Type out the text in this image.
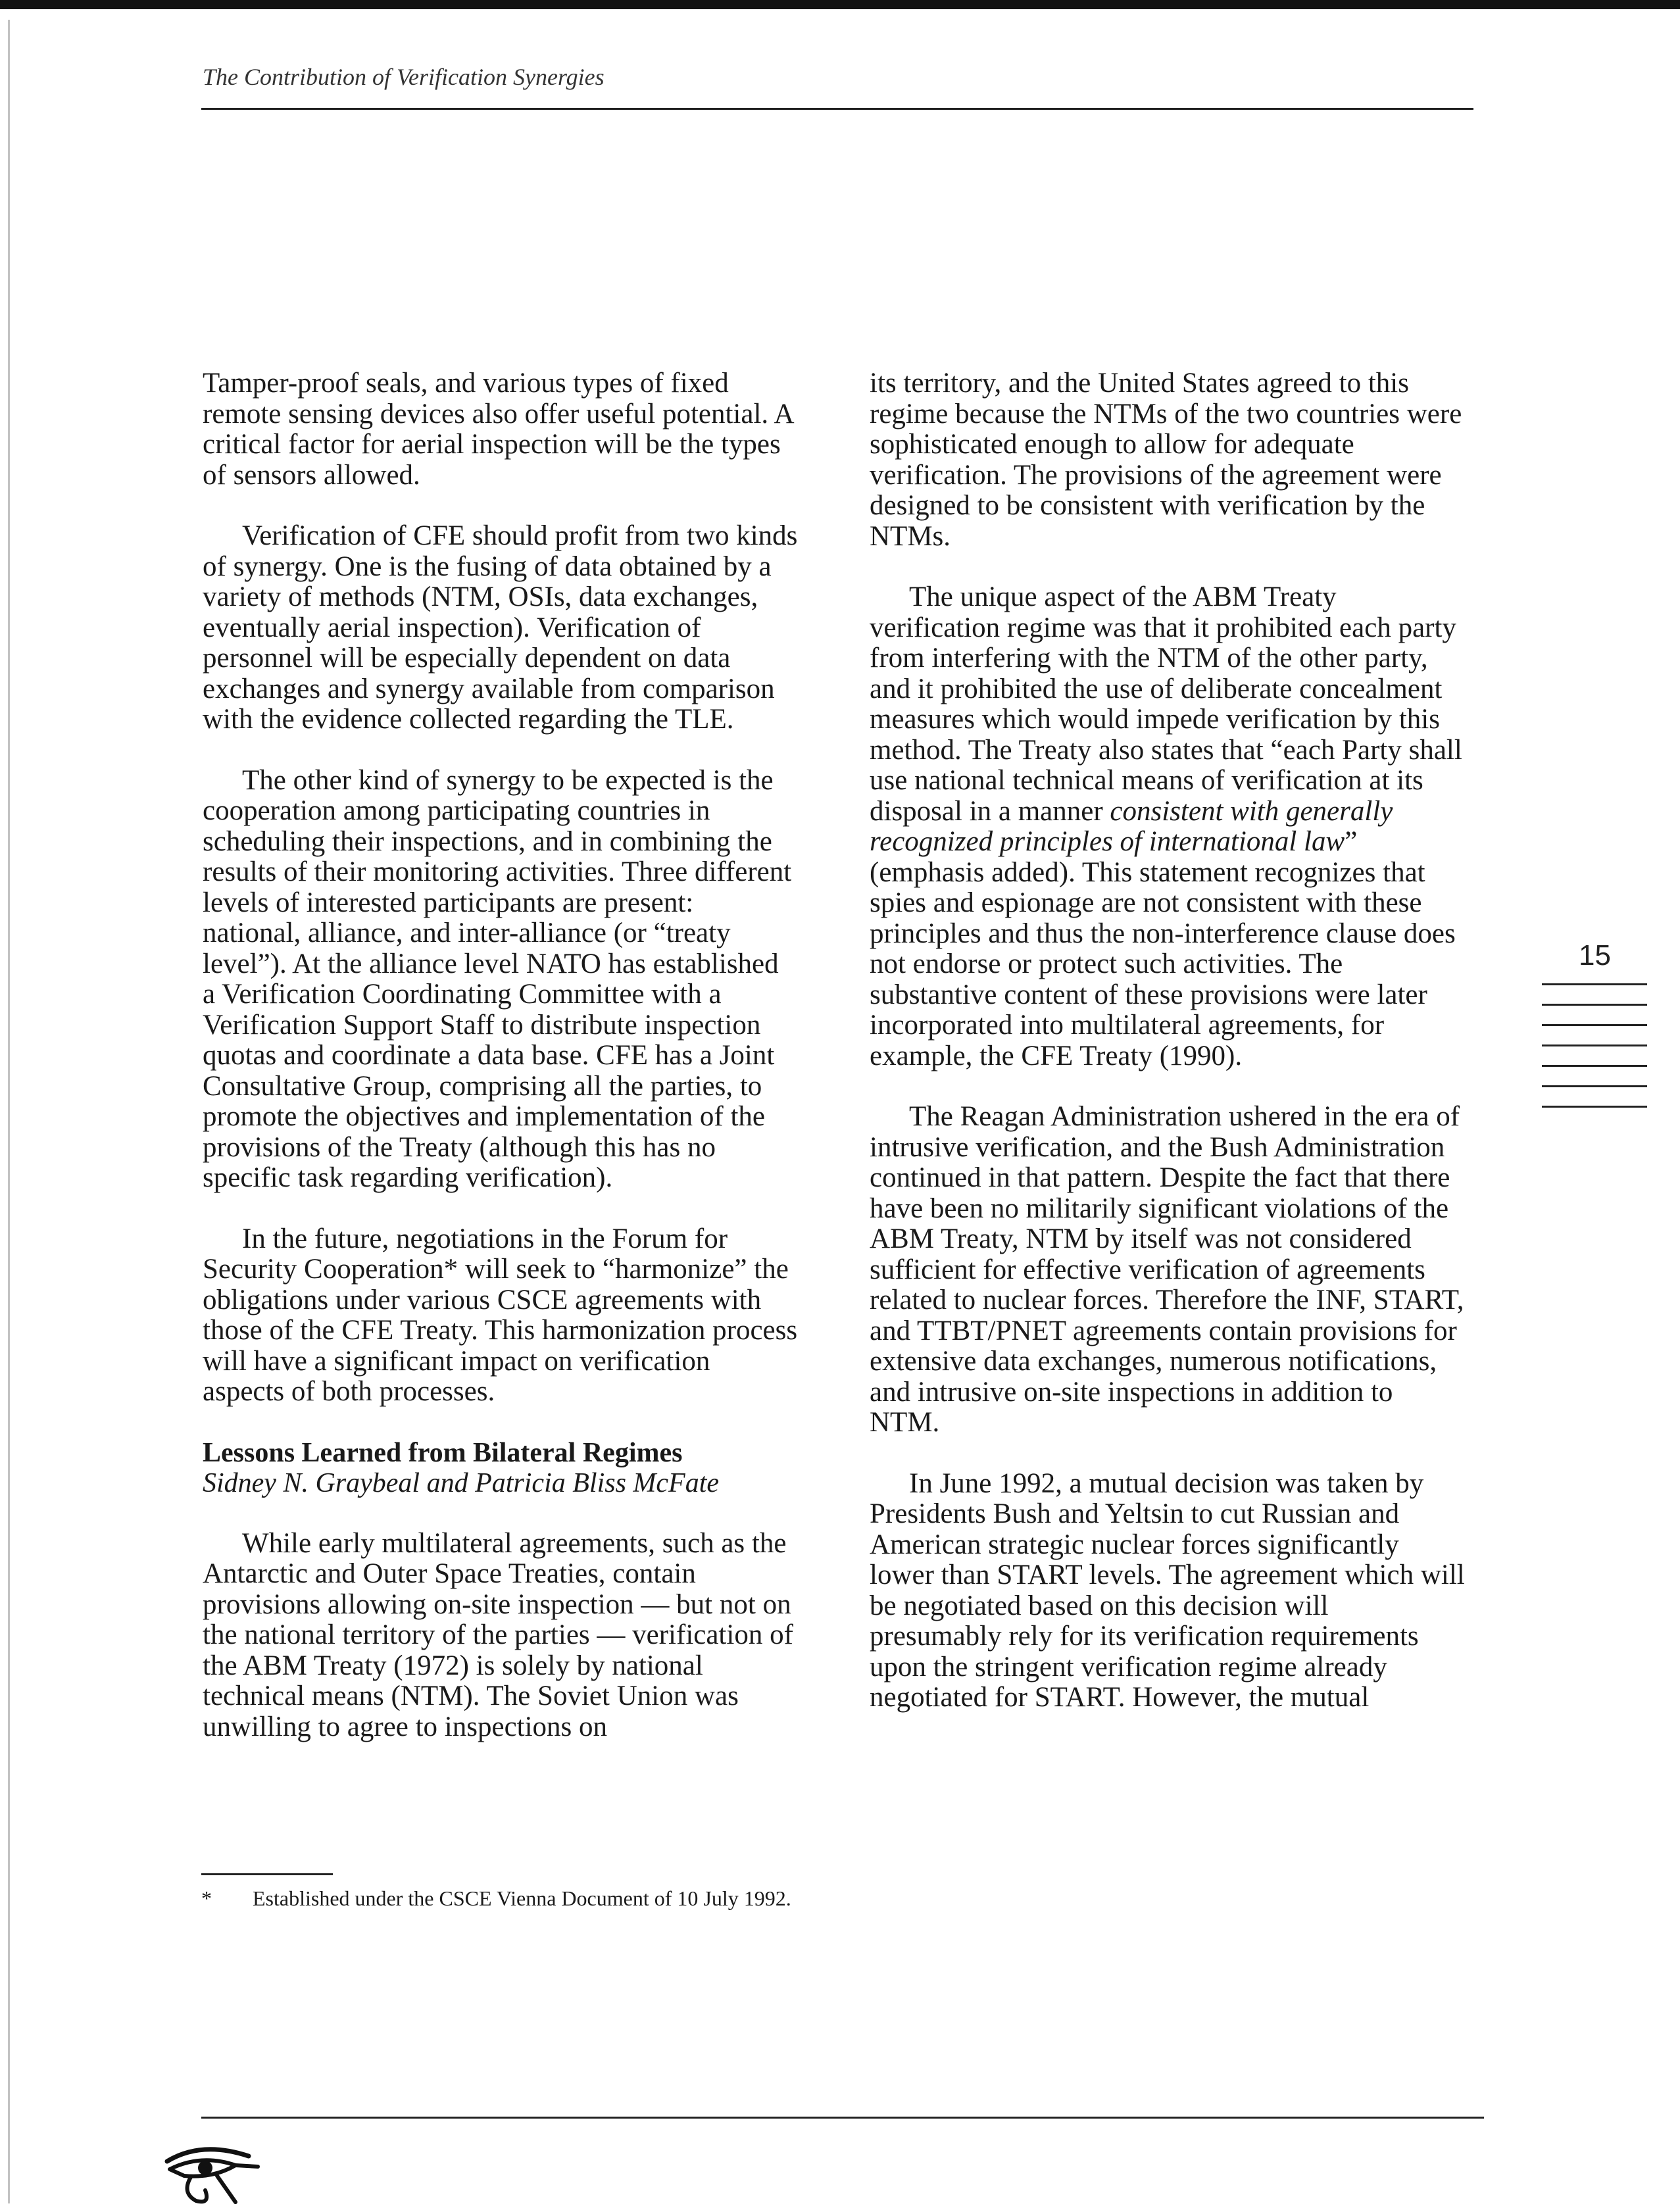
The Contribution of Verification Synergies

Tamper-proof seals, and various types of fixed remote sensing devices also offer useful potential. A critical factor for aerial inspection will be the types of sensors allowed.

Verification of CFE should profit from two kinds of synergy. One is the fusing of data obtained by a variety of methods (NTM, OSIs, data exchanges, eventually aerial inspection). Verification of personnel will be especially dependent on data exchanges and synergy available from comparison with the evidence collected regarding the TLE.

The other kind of synergy to be expected is the cooperation among participating countries in scheduling their inspections, and in combining the results of their monitoring activities. Three different levels of interested participants are present: national, alliance, and inter-alliance (or “treaty level”). At the alliance level NATO has established a Verification Coordinating Committee with a Verification Support Staff to distribute inspection quotas and coordinate a data base. CFE has a Joint Consultative Group, comprising all the parties, to promote the objectives and implementation of the provisions of the Treaty (although this has no specific task regarding verification).

In the future, negotiations in the Forum for Security Cooperation* will seek to “harmonize” the obligations under various CSCE agreements with those of the CFE Treaty. This harmonization process will have a significant impact on verification aspects of both processes.

Lessons Learned from Bilateral Regimes
Sidney N. Graybeal and Patricia Bliss McFate

While early multilateral agreements, such as the Antarctic and Outer Space Treaties, contain provisions allowing on-site inspection — but not on the national territory of the parties — verification of the ABM Treaty (1972) is solely by national technical means (NTM). The Soviet Union was unwilling to agree to inspections on

its territory, and the United States agreed to this regime because the NTMs of the two countries were sophisticated enough to allow for adequate verification. The provisions of the agreement were designed to be consistent with verification by the NTMs.

The unique aspect of the ABM Treaty verification regime was that it prohibited each party from interfering with the NTM of the other party, and it prohibited the use of deliberate concealment measures which would impede verification by this method. The Treaty also states that “each Party shall use national technical means of verification at its disposal in a manner consistent with generally recognized principles of international law” (emphasis added). This statement recognizes that spies and espionage are not consistent with these principles and thus the non-interference clause does not endorse or protect such activities. The substantive content of these provisions were later incorporated into multilateral agreements, for example, the CFE Treaty (1990).

The Reagan Administration ushered in the era of intrusive verification, and the Bush Administration continued in that pattern. Despite the fact that there have been no militarily significant violations of the ABM Treaty, NTM by itself was not considered sufficient for effective verification of agreements related to nuclear forces. Therefore the INF, START, and TTBT/PNET agreements contain provisions for extensive data exchanges, numerous notifications, and intrusive on-site inspections in addition to NTM.

In June 1992, a mutual decision was taken by Presidents Bush and Yeltsin to cut Russian and American strategic nuclear forces significantly lower than START levels. The agreement which will be negotiated based on this decision will presumably rely for its verification requirements upon the stringent verification regime already negotiated for START. However, the mutual

15
* Established under the CSCE Vienna Document of 10 July 1992.
